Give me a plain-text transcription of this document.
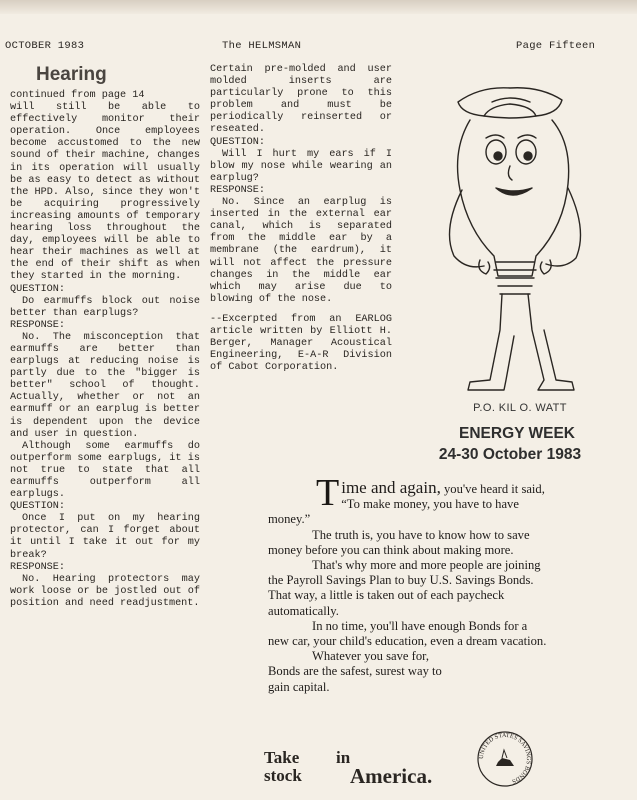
OCTOBER 1983	The HELMSMAN	Page Fifteen
Hearing

continued from page 14

will still be able to effectively monitor their operation. Once employees become accustomed to the new sound of their machine, changes in its operation will usually be as easy to detect as without the HPD. Also, since they won't be acquiring progressively increasing amounts of temporary hearing loss throughout the day, employees will be able to hear their machines as well at the end of their shift as when they started in the morning.

QUESTION:

Do earmuffs block out noise better than earplugs?

RESPONSE:

No. The misconception that earmuffs are better than earplugs at reducing noise is partly due to the "bigger is better" school of thought. Actually, whether or not an earmuff or an earplug is better is dependent upon the device and user in question.

Although some earmuffs do outperform some earplugs, it is not true to state that all earmuffs outperform all earplugs.

QUESTION:

Once I put on my hearing protector, can I forget about it until I take it out for my break?

RESPONSE:

No. Hearing protectors may work loose or be jostled out of position and need readjustment.

Certain pre-molded and user molded inserts are particularly prone to this problem and must be periodically reinserted or reseated.

QUESTION:

Will I hurt my ears if I blow my nose while wearing an earplug?

RESPONSE:

No. Since an earplug is inserted in the external ear canal, which is separated from the middle ear by a membrane (the eardrum), it will not affect the pressure changes in the middle ear which may arise due to blowing of the nose.

--Excerpted from an EARLOG article written by Elliott H. Berger, Manager Acoustical Engineering, E-A-R Division of Cabot Corporation.

P.O. KIL O. WATT
ENERGY WEEK
24-30 October 1983

T ime and again, you've heard it said, “To make money, you have to have money.”

The truth is, you have to know how to save money before you can think about making more.

That's why more and more people are joining the Payroll Savings Plan to buy U.S. Savings Bonds. That way, a little is taken out of each paycheck automatically.

In no time, you'll have enough Bonds for a new car, your child's education, even a dream vacation.

Whatever you save for, Bonds are the safest, surest way to gain capital.

Take in
stock America.
UNITED STATES SAVINGS BONDS
